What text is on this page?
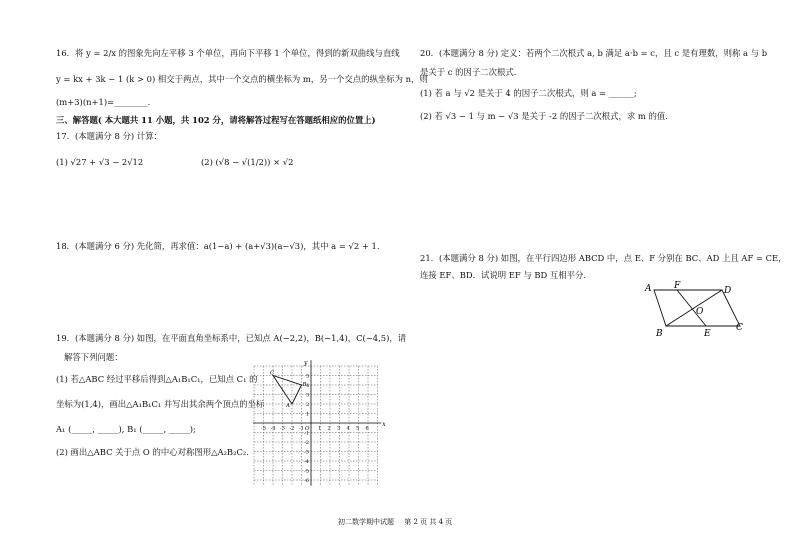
16．将 y = 2/x 的图象先向左平移 3 个单位，再向下平移 1 个单位，得到的新双曲线与直线
y = kx + 3k − 1 (k > 0) 相交于两点，其中一个交点的横坐标为 m，另一个交点的纵坐标为 n，则
(m+3)(n+1)=________.
三、解答题( 本大题共 11 小题，共 102 分，请将解答过程写在答题纸相应的位置上)
17．(本题满分 8 分) 计算：
(1) √27 + √3 − 2√12	(2) (√8 − √(1/2)) × √2
18．(本题满分 6 分) 先化简，再求值：a(1−a) + (a+√3)(a−√3)，其中 a = √2 + 1.
19．(本题满分 8 分) 如图，在平面直角坐标系中，已知点 A(−2,2)，B(−1,4)，C(−4,5)，请
解答下列问题：
(1) 若△ABC 经过平移后得到△A₁B₁C₁，已知点 C₁ 的
坐标为(1,4)，画出△A₁B₁C₁ 并写出其余两个顶点的坐标
A₁ (_____, _____), B₁ (_____, _____);
(2) 画出△ABC 关于点 O 的中心对称图形△A₂B₂C₂.
x
y
O
-5 -4 -3 -2 -1	1 2 3 4 5 6
5
4
3
2
1
-1
-2
-3
-4
-5
-6
C
B
A
20．(本题满分 8 分) 定义：若两个二次根式 a, b 满足 a·b = c，且 c 是有理数，则称 a 与 b
是关于 c 的因子二次根式.
(1) 若 a 与 √2 是关于 4 的因子二次根式，则 a = ______;
(2) 若 √3 − 1 与 m − √3 是关于 -2 的因子二次根式，求 m 的值.
21．(本题满分 8 分) 如图，在平行四边形 ABCD 中，点 E、F 分别在 BC、AD 上且 AF = CE，
连接 EF、BD．试说明 EF 与 BD 互相平分.
A	F	D
O
B	E
C
初二数学期中试题 第 2 页 共 4 页
